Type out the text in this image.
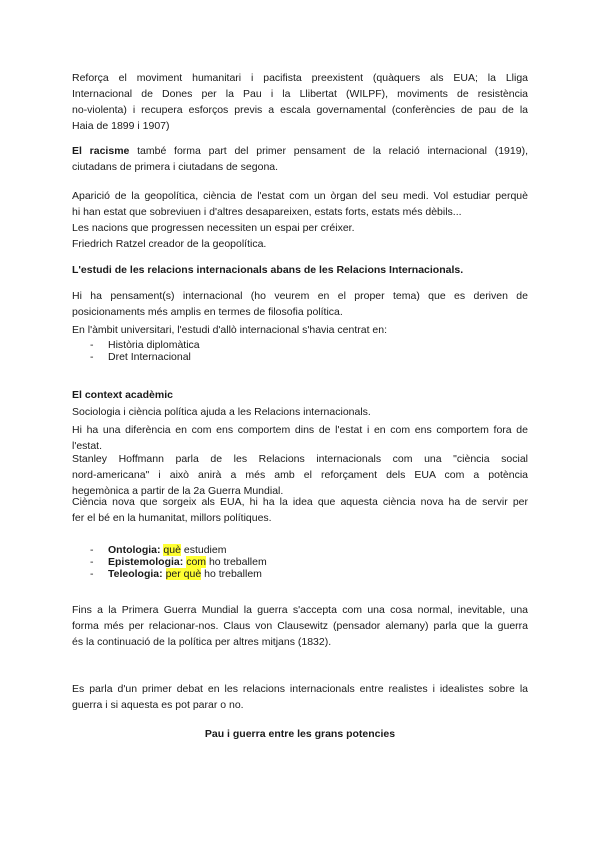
Reforça el moviment humanitari i pacifista preexistent (quàquers als EUA; la Lliga

Internacional de Dones per la Pau i la Llibertat (WILPF), moviments de resistència

no-violenta) i recupera esforços previs a escala governamental (conferències de pau de la

Haia de 1899 i 1907)

El racisme també forma part del primer pensament de la relació internacional (1919),

ciutadans de primera i ciutadans de segona.

Aparició de la geopolítica, ciència de l'estat com un òrgan del seu medi. Vol estudiar perquè

hi han estat que sobreviuen i d'altres desapareixen, estats forts, estats més dèbils...

Les nacions que progressen necessiten un espai per créixer.

Friedrich Ratzel creador de la geopolítica.

L'estudi de les relacions internacionals abans de les Relacions Internacionals.

Hi ha pensament(s) internacional (ho veurem en el proper tema) que es deriven de

posicionaments més amplis en termes de filosofia política.

En l'àmbit universitari, l'estudi d'allò internacional s'havia centrat en:
- Història diplomàtica
- Dret Internacional
El context acadèmic
Sociologia i ciència política ajuda a les Relacions internacionals.

Hi ha una diferència en com ens comportem dins de l'estat i en com ens comportem fora de

l'estat.

Stanley Hoffmann parla de les Relacions internacionals com una "ciència social

nord-americana" i això anirà a més amb el reforçament dels EUA com a potència

hegemònica a partir de la 2a Guerra Mundial.

Ciència nova que sorgeix als EUA, hi ha la idea que aquesta ciència nova ha de servir per

fer el bé en la humanitat, millors polítiques.

- Ontologia: què estudiem
- Epistemologia: com ho treballem
- Teleologia: per què ho treballem

Fins a la Primera Guerra Mundial la guerra s'accepta com una cosa normal, inevitable, una

forma més per relacionar-nos. Claus von Clausewitz (pensador alemany) parla que la guerra

és la continuació de la política per altres mitjans (1832).

Es parla d'un primer debat en les relacions internacionals entre realistes i idealistes sobre la

guerra i si aquesta es pot parar o no.

Pau i guerra entre les grans potencies
